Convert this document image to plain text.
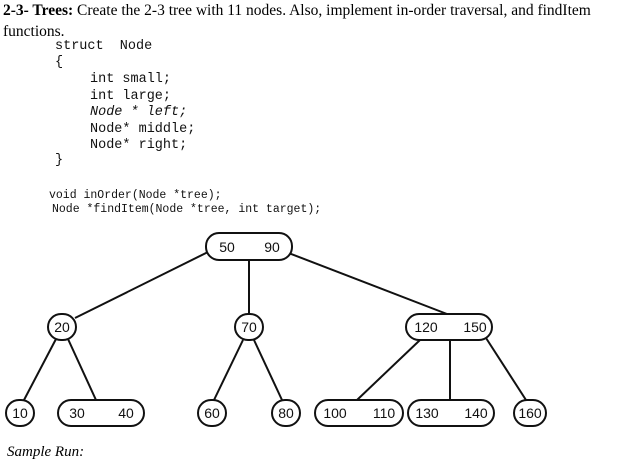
2-3- Trees: Create the 2-3 tree with 11 nodes. Also, implement in-order traversal, and findItem functions.

struct  Node
{
int small;
int large;
Node * left;
Node* middle;
Node* right;
}
void inOrder(Node *tree);
Node *findItem(Node *tree, int target);
50 90
20	70	120 150
10	30 40	60	80 100 110 130 140 160

Sample Run:
